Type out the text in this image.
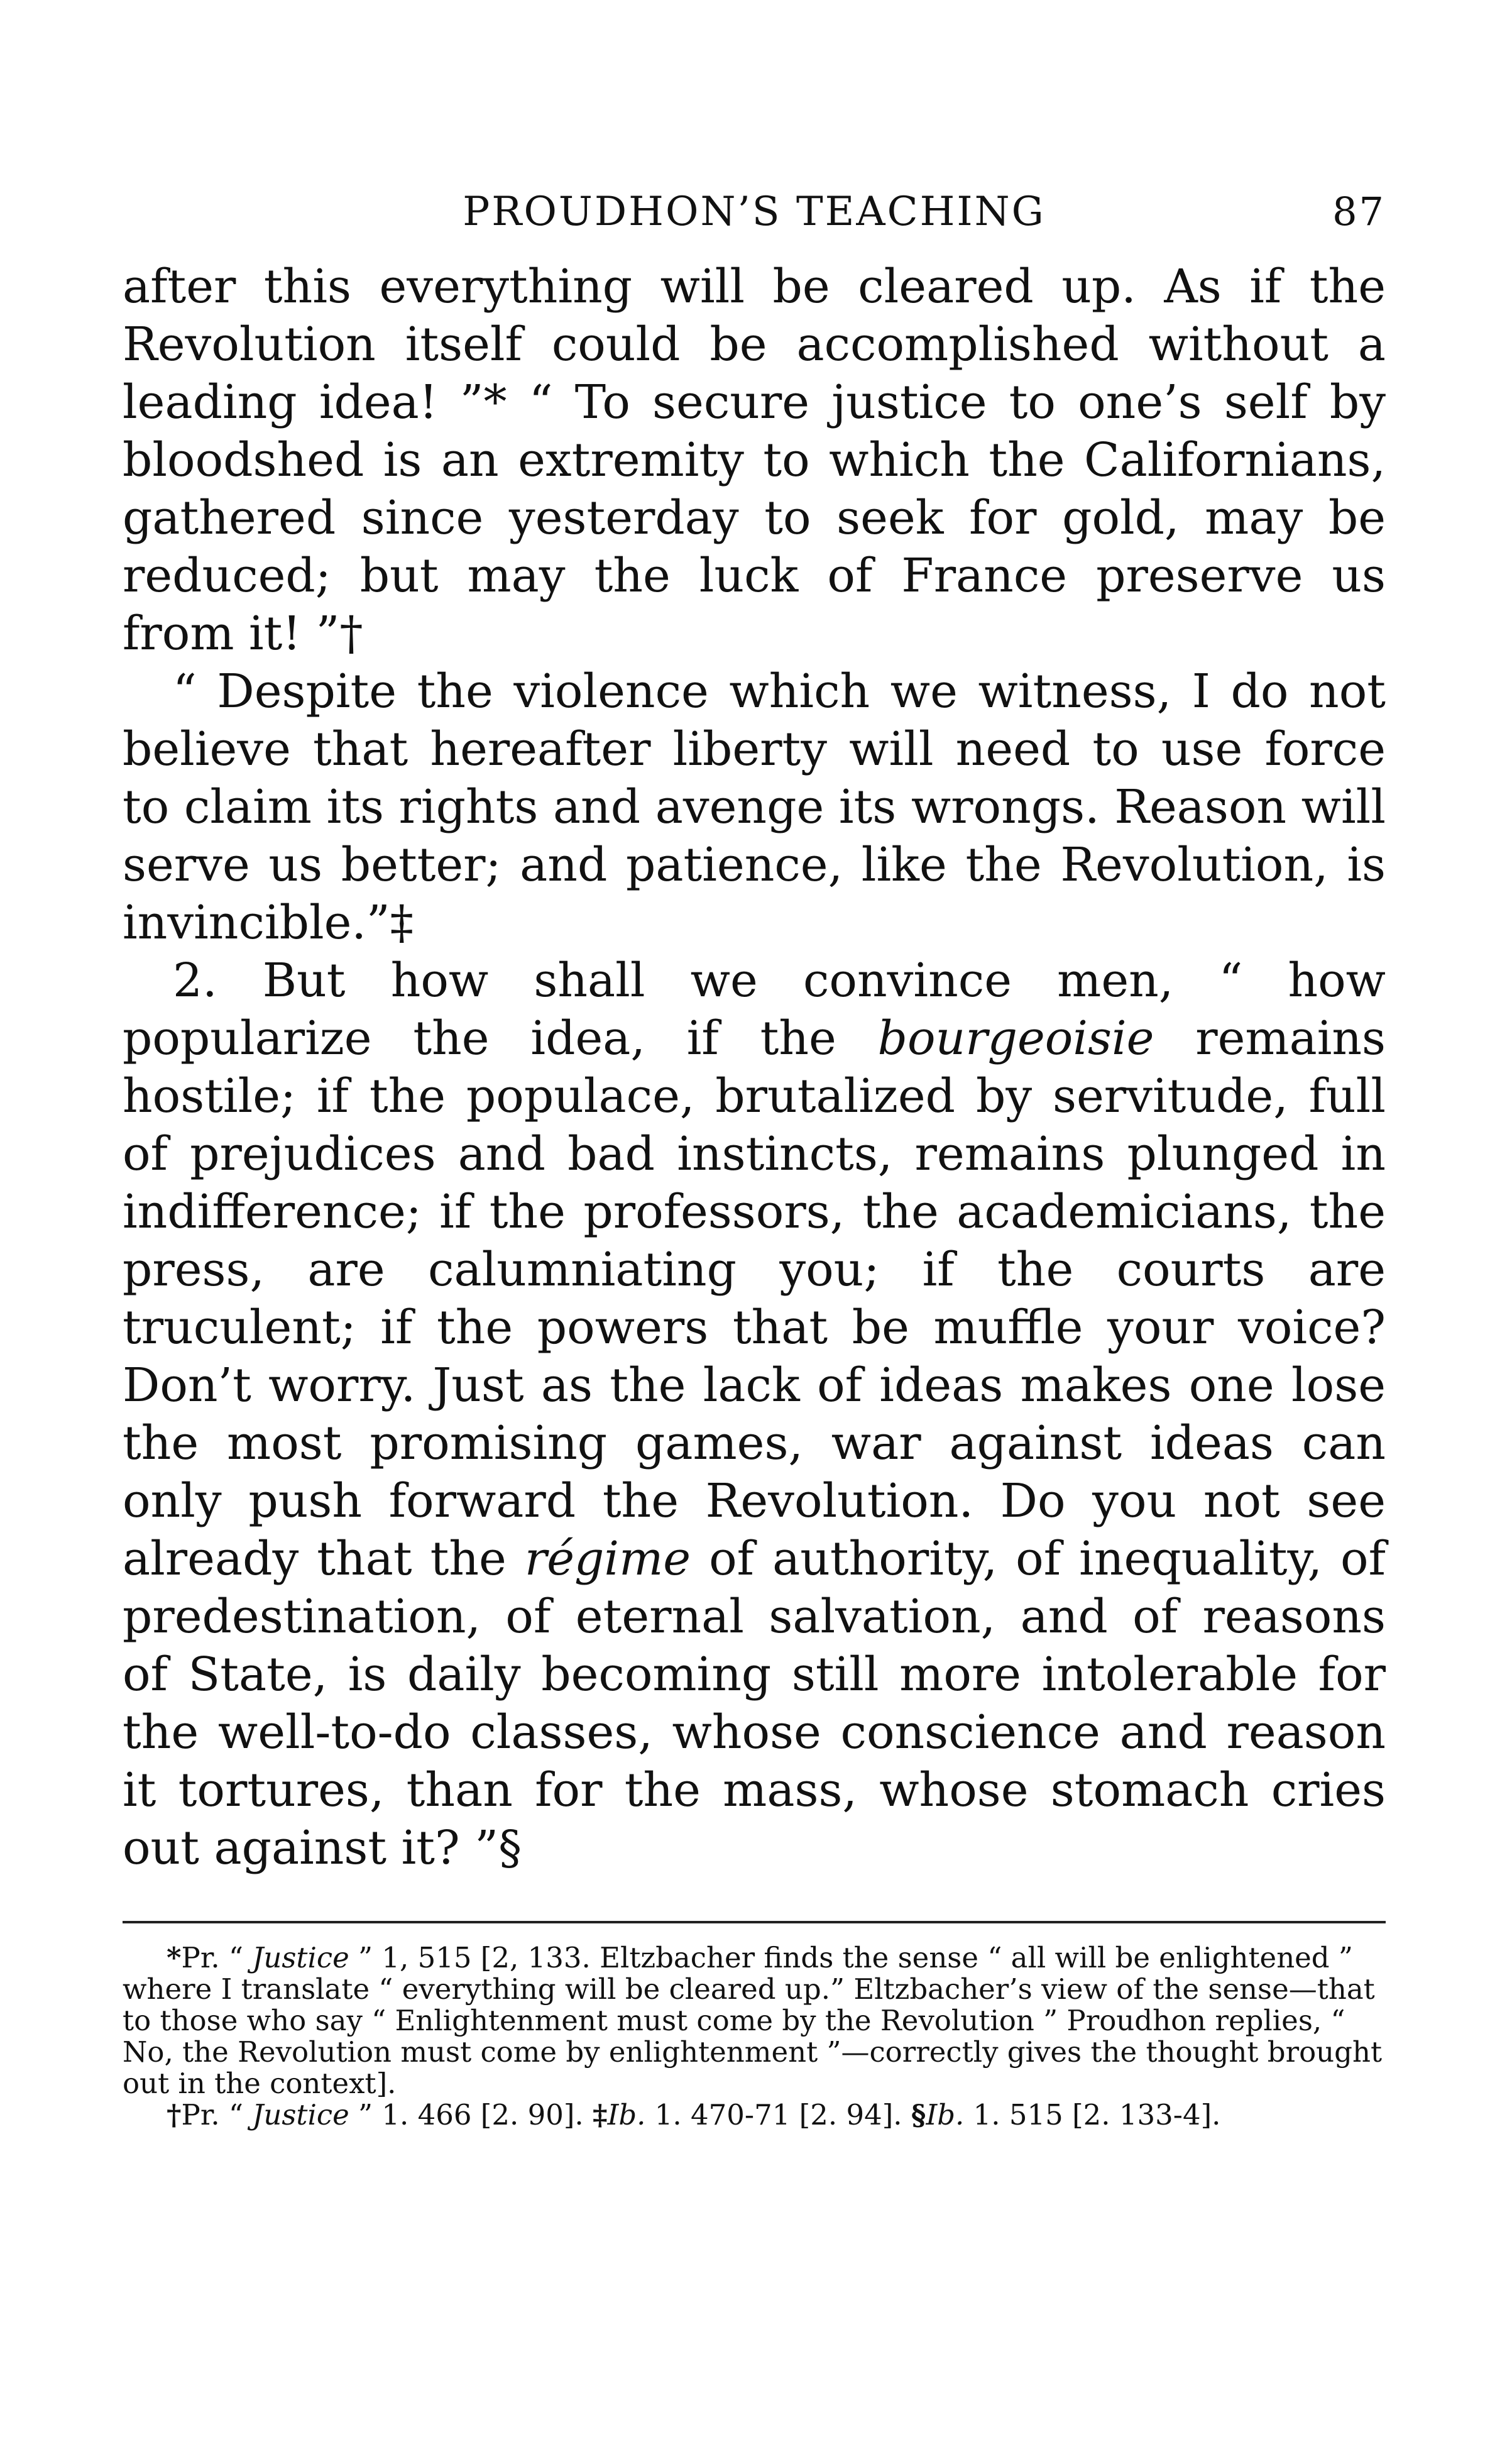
PROUDHON’S TEACHING	87

after this everything will be cleared up. As if the Revolution itself could be accomplished without a leading idea! ”* “ To secure justice to one’s self by bloodshed is an extremity to which the Californians, gathered since yesterday to seek for gold, may be reduced; but may the luck of France preserve us from it! ”†

“ Despite the violence which we witness, I do not believe that hereafter liberty will need to use force to claim its rights and avenge its wrongs. Reason will serve us better; and patience, like the Revolution, is invincible.”‡

2. But how shall we convince men, “ how popularize the idea, if the bourgeoisie remains hostile; if the populace, brutalized by servitude, full of prejudices and bad instincts, remains plunged in indifference; if the professors, the academicians, the press, are calumniating you; if the courts are truculent; if the powers that be muffle your voice? Don’t worry. Just as the lack of ideas makes one lose the most promising games, war against ideas can only push forward the Revolution. Do you not see already that the régime of authority, of inequality, of predestination, of eternal salvation, and of reasons of State, is daily becoming still more intolerable for the well-to-do classes, whose conscience and reason it tortures, than for the mass, whose stomach cries out against it? ”§

*Pr. “ Justice ” 1, 515 [2, 133. Eltzbacher finds the sense “ all will be enlightened ” where I translate “ everything will be cleared up.” Eltzbacher’s view of the sense—that to those who say “ Enlightenment must come by the Revolution ” Proudhon replies, “ No, the Revolution must come by enlightenment ”—correctly gives the thought brought out in the context].

†Pr. “ Justice ” 1. 466 [2. 90]. ‡Ib. 1. 470-71 [2. 94]. §Ib. 1. 515 [2. 133-4].
